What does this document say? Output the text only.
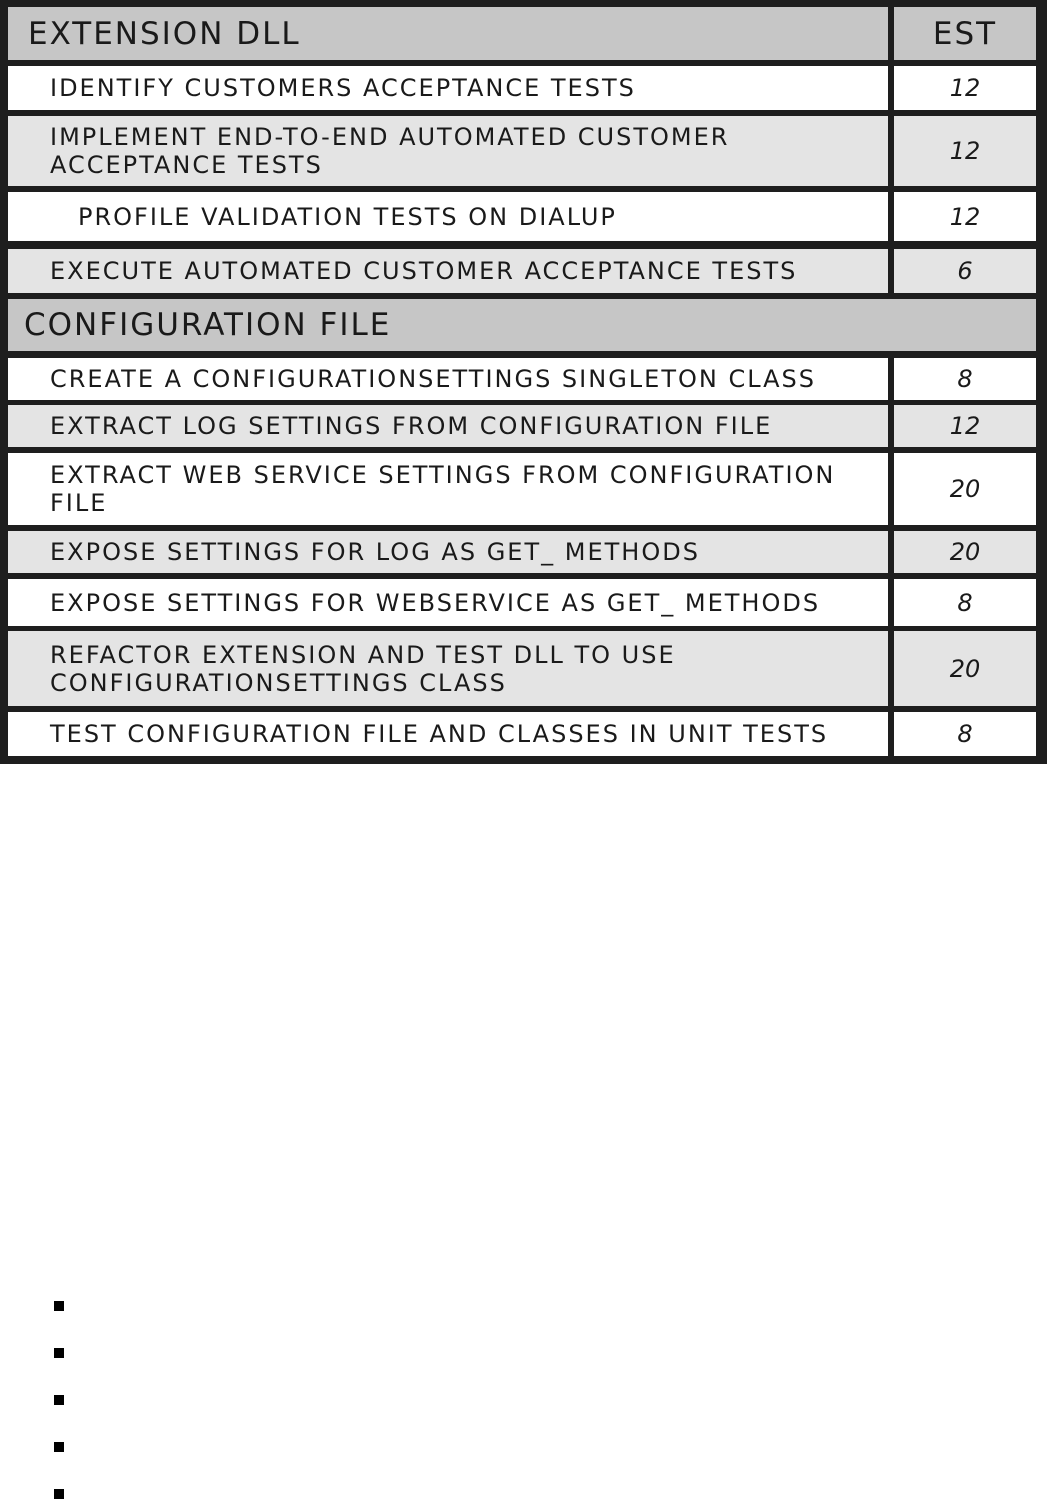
EXTENSION DLL	EST
IDENTIFY CUSTOMERS ACCEPTANCE TESTS	12
IMPLEMENT END-TO-END AUTOMATED CUSTOMER ACCEPTANCE TESTS	12
PROFILE VALIDATION TESTS ON DIALUP	12
EXECUTE AUTOMATED CUSTOMER ACCEPTANCE TESTS	6
CONFIGURATION FILE
CREATE A CONFIGURATIONSETTINGS SINGLETON CLASS	8
EXTRACT LOG SETTINGS FROM CONFIGURATION FILE	12
EXTRACT WEB SERVICE SETTINGS FROM CONFIGURATION FILE	20
EXPOSE SETTINGS FOR LOG AS GET_ METHODS	20
EXPOSE SETTINGS FOR WEBSERVICE AS GET_ METHODS	8
REFACTOR EXTENSION AND TEST DLL TO USE CONFIGURATIONSETTINGS CLASS	20
TEST CONFIGURATION FILE AND CLASSES IN UNIT TESTS	8
